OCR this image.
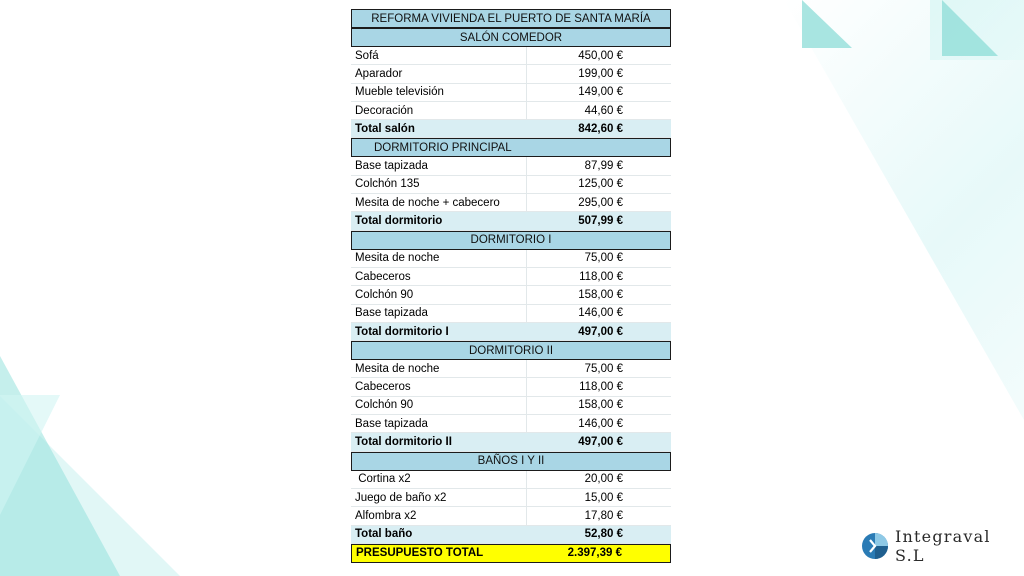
REFORMA VIVIENDA EL PUERTO DE SANTA MARÍA
SALÓN COMEDOR
Sofá	450,00 €
Aparador	199,00 €
Mueble televisión	149,00 €
Decoración	44,60 €
Total salón	842,60 €
DORMITORIO PRINCIPAL
Base tapizada	87,99 €
Colchón 135	125,00 €
Mesita de noche + cabecero	295,00 €
Total dormitorio	507,99 €
DORMITORIO I
Mesita de noche	75,00 €
Cabeceros	118,00 €
Colchón 90	158,00 €
Base tapizada	146,00 €
Total dormitorio I	497,00 €
DORMITORIO II
Mesita de noche	75,00 €
Cabeceros	118,00 €
Colchón 90	158,00 €
Base tapizada	146,00 €
Total dormitorio II	497,00 €
BAÑOS I Y II
Cortina x2	20,00 €
Juego de baño x2	15,00 €
Alfombra x2	17,80 €
Total baño	52,80 €
PRESUPUESTO TOTAL	2.397,39 €
Integraval S.L
